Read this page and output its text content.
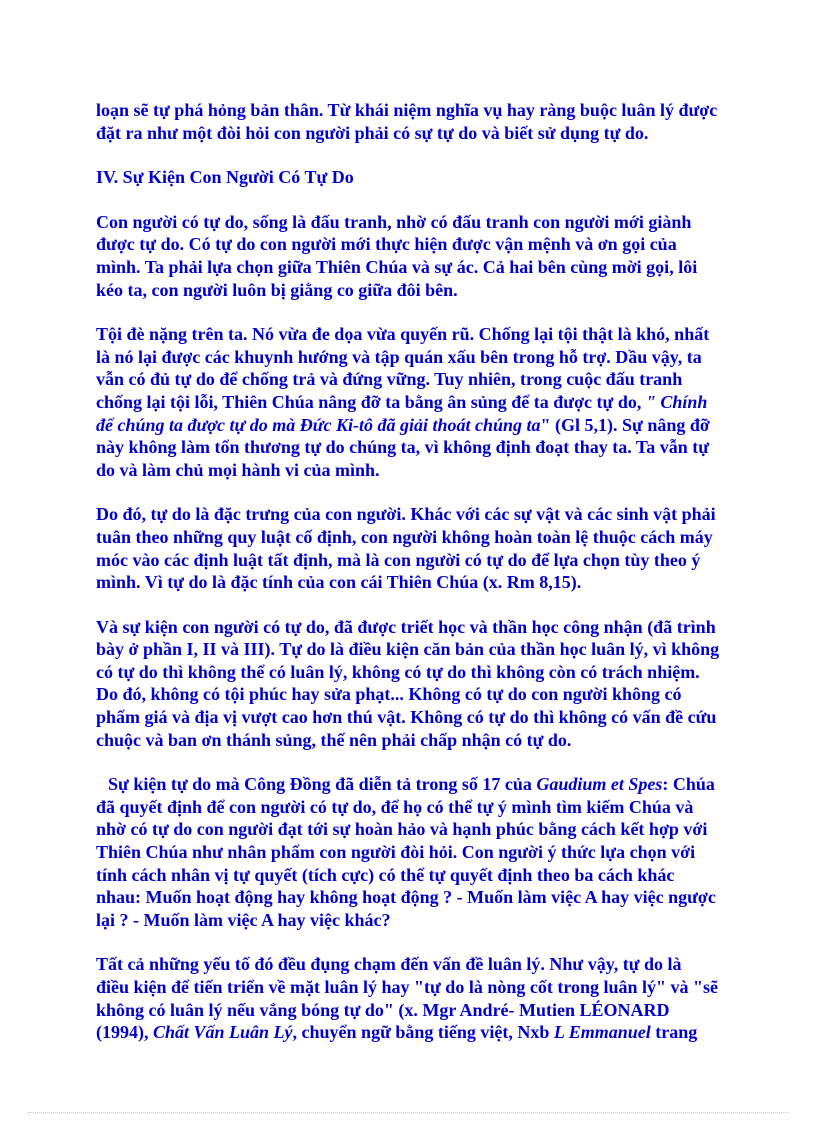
loạn sẽ tự phá hỏng bản thân. Từ khái niệm nghĩa vụ hay ràng buộc luân lý được
đặt ra như một đòi hỏi con người phải có sự tự do và biết sử dụng tự do.

IV. Sự Kiện Con Người Có Tự Do

Con người có tự do, sống là đấu tranh, nhờ có đấu tranh con người mới giành
được tự do. Có tự do con người mới thực hiện được vận mệnh và ơn gọi của
mình. Ta phải lựa chọn giữa Thiên Chúa và sự ác. Cả hai bên cùng mời gọi, lôi
kéo ta, con người luôn bị giằng co giữa đôi bên.

Tội đè nặng trên ta. Nó vừa đe dọa vừa quyến rũ. Chống lại tội thật là khó, nhất
là nó lại được các khuynh hướng và tập quán xấu bên trong hỗ trợ. Dầu vậy, ta
vẫn có đủ tự do để chống trả và đứng vững. Tuy nhiên, trong cuộc đấu tranh
chống lại tội lỗi, Thiên Chúa nâng đỡ ta bằng ân sủng để ta được tự do, " Chính
để chúng ta được tự do mà Đức Ki-tô đã giải thoát chúng ta" (Gl 5,1). Sự nâng đỡ
này không làm tổn thương tự do chúng ta, vì không định đoạt thay ta. Ta vẫn tự
do và làm chủ mọi hành vi của mình.

Do đó, tự do là đặc trưng của con người. Khác với các sự vật và các sinh vật phải
tuân theo những quy luật cố định, con người không hoàn toàn lệ thuộc cách máy
móc vào các định luật tất định, mà là con người có tự do để lựa chọn tùy theo ý
mình. Vì tự do là đặc tính của con cái Thiên Chúa (x. Rm 8,15).

Và sự kiện con người có tự do, đã được triết học và thần học công nhận (đã trình
bày ở phần I, II và III). Tự do là điều kiện căn bản của thần học luân lý, vì không
có tự do thì không thể có luân lý, không có tự do thì không còn có trách nhiệm.
Do đó, không có tội phúc hay sửa phạt... Không có tự do con người không có
phẩm giá và địa vị vượt cao hơn thú vật. Không có tự do thì không có vấn đề cứu
chuộc và ban ơn thánh sủng, thế nên phải chấp nhận có tự do.

Sự kiện tự do mà Công Đồng đã diễn tả trong số 17 của Gaudium et Spes: Chúa
đã quyết định để con người có tự do, để họ có thể tự ý mình tìm kiếm Chúa và
nhờ có tự do con người đạt tới sự hoàn hảo và hạnh phúc bằng cách kết hợp với
Thiên Chúa như nhân phẩm con người đòi hỏi. Con người ý thức lựa chọn với
tính cách nhân vị tự quyết (tích cực) có thể tự quyết định theo ba cách khác
nhau: Muốn hoạt động hay không hoạt động ? - Muốn làm việc A hay việc ngược
lại ? - Muốn làm việc A hay việc khác?

Tất cả những yếu tố đó đều đụng chạm đến vấn đề luân lý. Như vậy, tự do là
điều kiện để tiến triển về mặt luân lý hay "tự do là nòng cốt trong luân lý" và "sẽ
không có luân lý nếu vắng bóng tự do" (x. Mgr André- Mutien LÉONARD
(1994), Chất Vấn Luân Lý, chuyển ngữ bằng tiếng việt, Nxb L Emmanuel trang
